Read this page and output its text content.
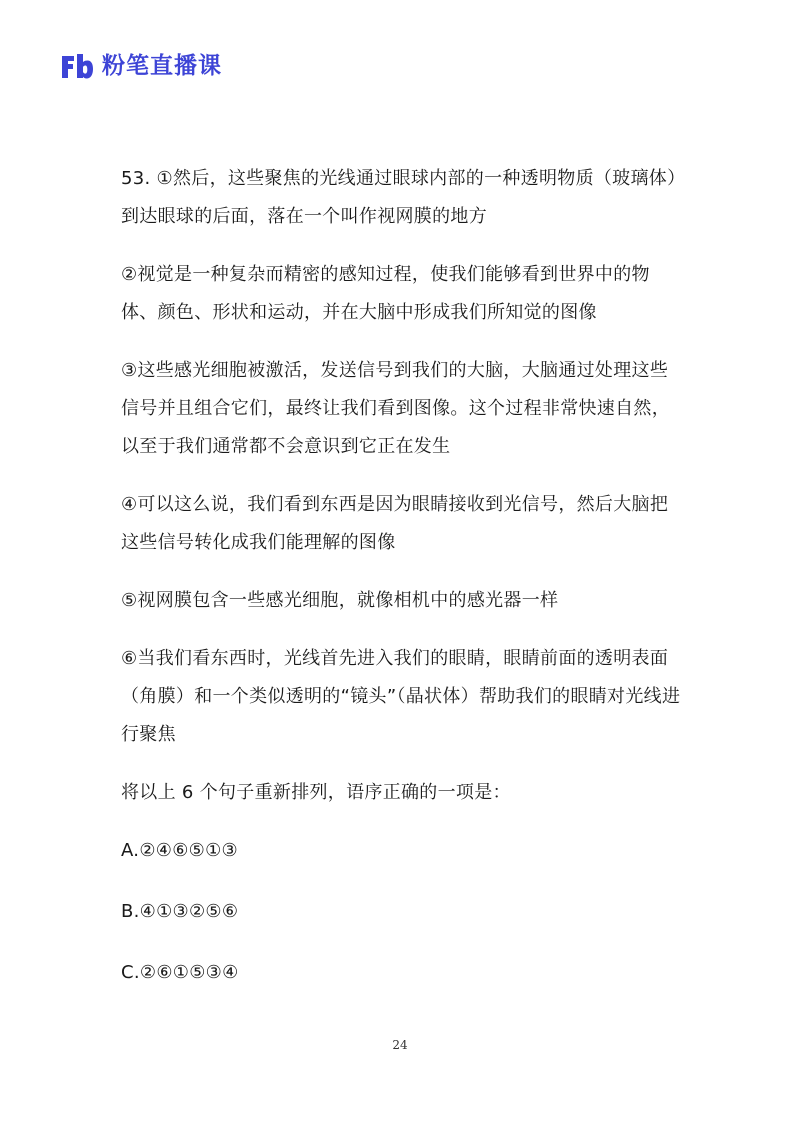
粉笔直播课

53. ①然后，这些聚焦的光线通过眼球内部的一种透明物质（玻璃体）到达眼球的后面，落在一个叫作视网膜的地方

②视觉是一种复杂而精密的感知过程，使我们能够看到世界中的物体、颜色、形状和运动，并在大脑中形成我们所知觉的图像

③这些感光细胞被激活，发送信号到我们的大脑，大脑通过处理这些信号并且组合它们，最终让我们看到图像。这个过程非常快速自然，以至于我们通常都不会意识到它正在发生

④可以这么说，我们看到东西是因为眼睛接收到光信号，然后大脑把这些信号转化成我们能理解的图像

⑤视网膜包含一些感光细胞，就像相机中的感光器一样

⑥当我们看东西时，光线首先进入我们的眼睛，眼睛前面的透明表面（角膜）和一个类似透明的“镜头”（晶状体）帮助我们的眼睛对光线进行聚焦

将以上 6 个句子重新排列，语序正确的一项是：

A.②④⑥⑤①③

B.④①③②⑤⑥

C.②⑥①⑤③④

24
